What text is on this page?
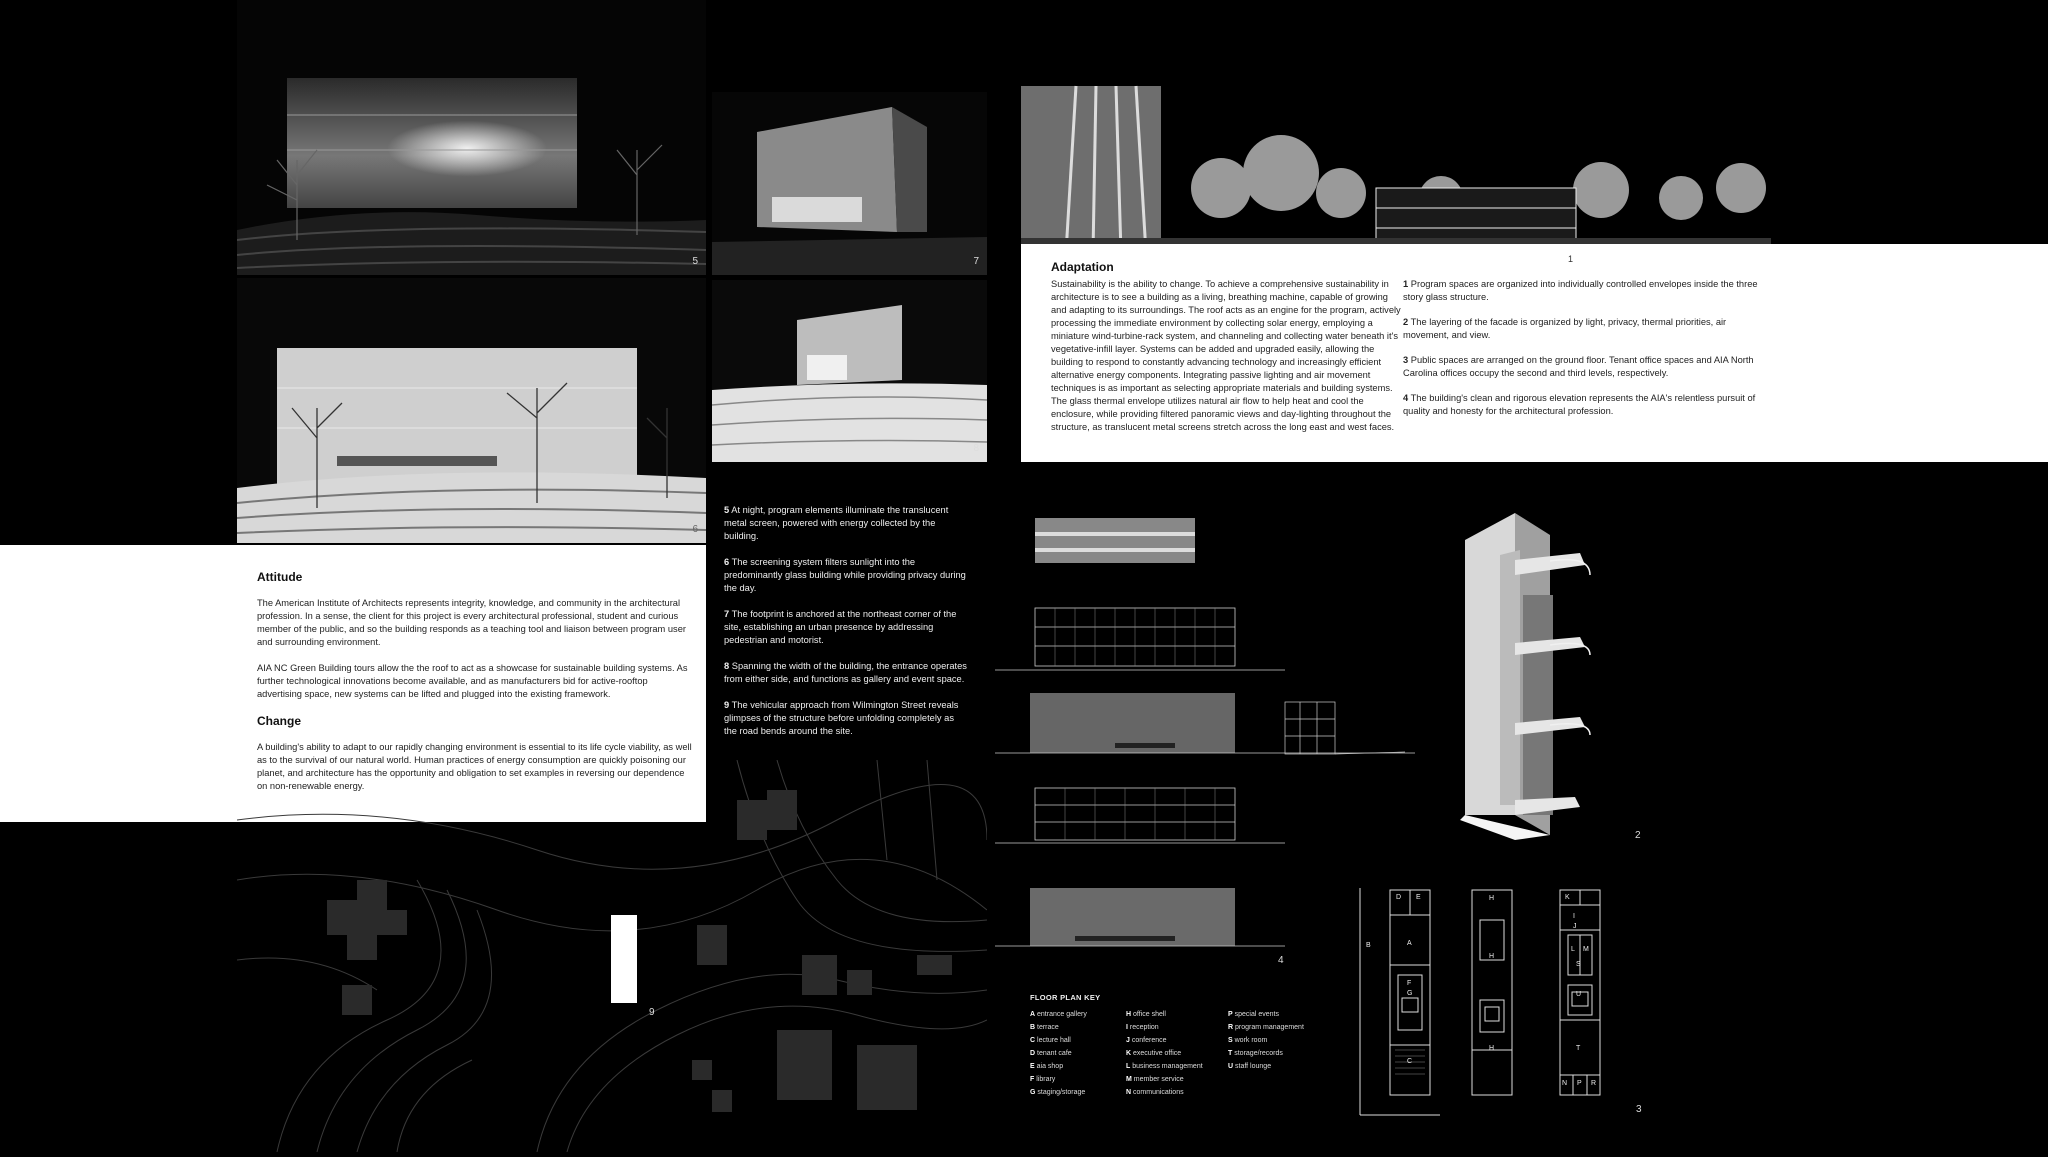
5
6
7
8
1
Adaptation

Sustainability is the ability to change. To achieve a comprehensive sustainability in architecture is to see a building as a living, breathing machine, capable of growing and adapting to its surroundings. The roof acts as an engine for the program, actively processing the immediate environment by collecting solar energy, employing a miniature wind-turbine-rack system, and channeling and collecting water beneath it's vegetative-infill layer. Systems can be added and upgraded easily, allowing the building to respond to constantly advancing technology and increasingly efficient alternative energy components. Integrating passive lighting and air movement techniques is as important as selecting appropriate materials and building systems. The glass thermal envelope utilizes natural air flow to help heat and cool the enclosure, while providing filtered panoramic views and day-lighting throughout the structure, as translucent metal screens stretch across the long east and west faces.

1 Program spaces are organized into individually controlled envelopes inside the three story glass structure.

2 The layering of the facade is organized by light, privacy, thermal priorities, air movement, and view.

3 Public spaces are arranged on the ground floor. Tenant office spaces and AIA North Carolina offices occupy the second and third levels, respectively.

4 The building's clean and rigorous elevation represents the AIA's relentless pursuit of quality and honesty for the architectural profession.

Attitude

The American Institute of Architects represents integrity, knowledge, and community in the architectural profession. In a sense, the client for this project is every architectural professional, student and curious member of the public, and so the building responds as a teaching tool and liaison between program user and surrounding environment.

AIA NC Green Building tours allow the the roof to act as a showcase for sustainable building systems. As further technological innovations become available, and as manufacturers bid for active-rooftop advertising space, new systems can be lifted and plugged into the existing framework.

Change

A building's ability to adapt to our rapidly changing environment is essential to its life cycle viability, as well as to the survival of our natural world. Human practices of energy consumption are quickly poisoning our planet, and architecture has the opportunity and obligation to set examples in reversing our dependence on non-renewable energy.

5 At night, program elements illuminate the translucent metal screen, powered with energy collected by the building.

6 The screening system filters sunlight into the predominantly glass building while providing privacy during the day.

7 The footprint is anchored at the northeast corner of the site, establishing an urban presence by addressing pedestrian and motorist.

8 Spanning the width of the building, the entrance operates from either side, and functions as gallery and event space.

9 The vehicular approach from Wilmington Street reveals glimpses of the structure before unfolding completely as the road bends around the site.

9
4
2
FLOOR PLAN KEY
A entrance gallery
B terrace
C lecture hall
D tenant cafe
E aia shop
F library
G staging/storage
H office shell
I reception
J conference
K executive office
L business management
M member service
N communications
P special events
R program management
S work room
T storage/records
U staff lounge
D E
B	A
F
G
C
H
H
H
K
I
J
L M
S
U
T
N P R
3
